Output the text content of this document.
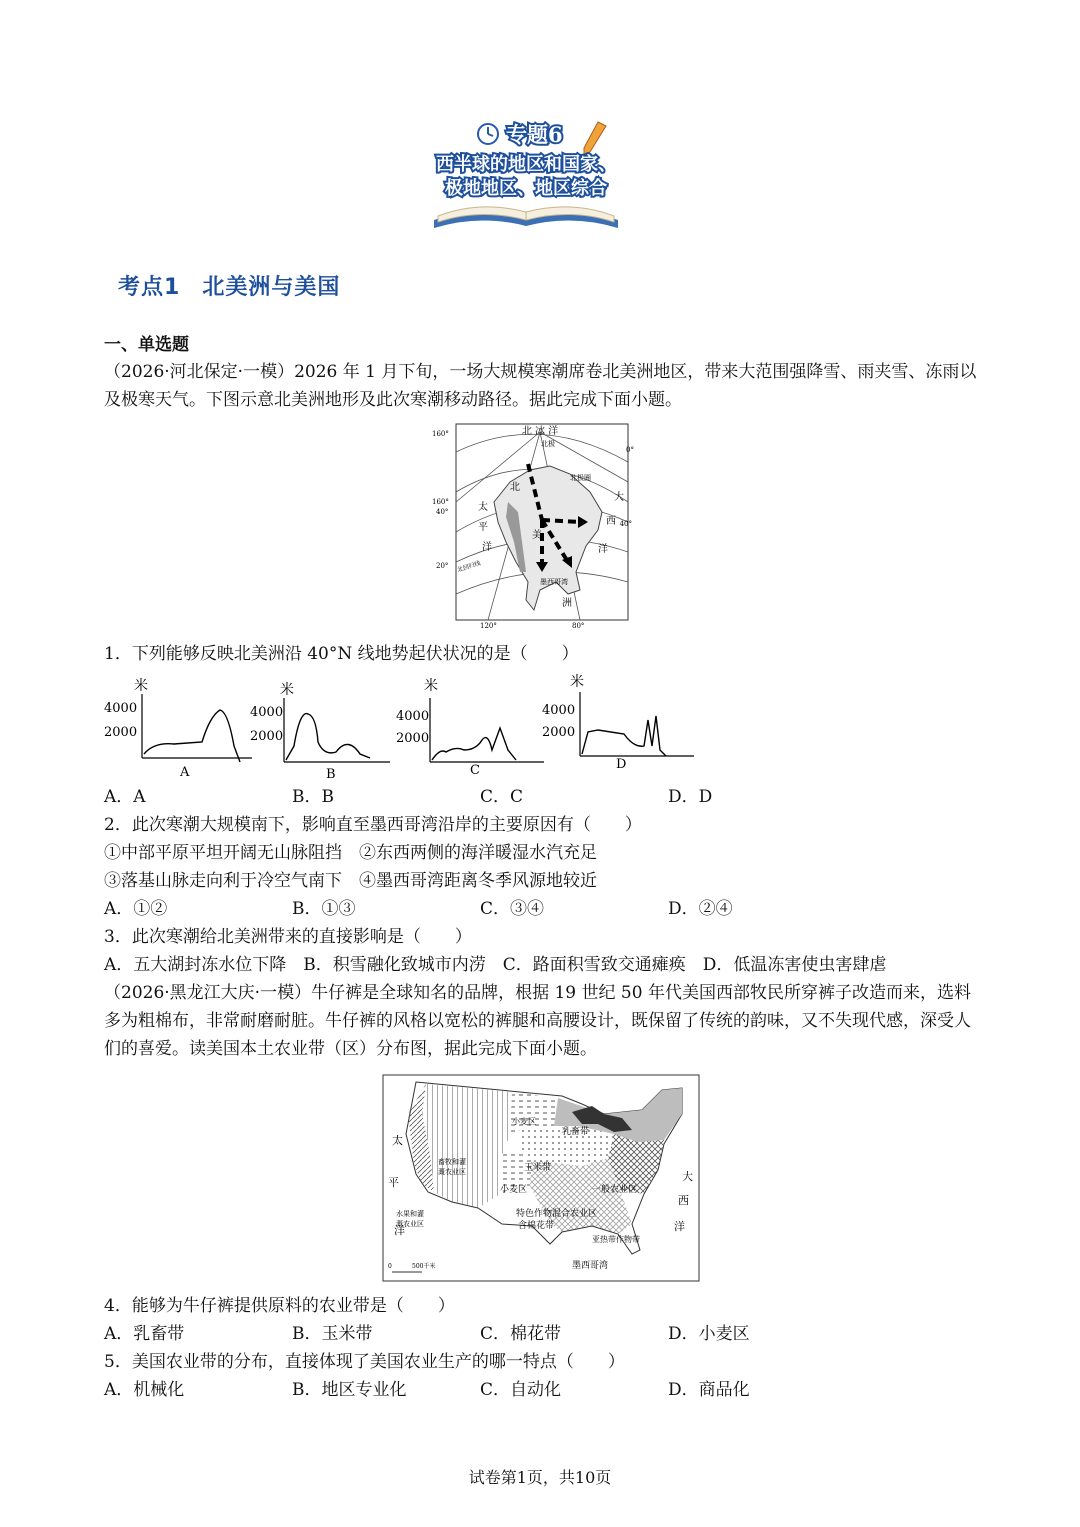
专题6
西半球的地区和国家、
极地地区、地区综合
考点1 北美洲与美国
一、单选题
（2026·河北保定·一模）2026 年 1 月下旬，一场大规模寒潮席卷北美洲地区，带来大范围强降雪、雨夹雪、冻雨以及极寒天气。下图示意北美洲地形及此次寒潮移动路径。据此完成下面小题。
北 冰 洋
北极
北极圈
太
平
洋
大
西
洋
北
美
洲
墨西哥湾
北回归线
160°
160°
40°
20°
40°
0°
120°	80°
1．下列能够反映北美洲沿 40°N 线地势起伏状况的是（　　）
米
4000
2000
A
米
4000
2000
B
米
4000
2000
C
米
4000
2000
D
A．A	B．B	C．C	D．D
2．此次寒潮大规模南下，影响直至墨西哥湾沿岸的主要原因有（　　）
①中部平原平坦开阔无山脉阻挡　②东西两侧的海洋暖湿水汽充足
③落基山脉走向利于冷空气南下　④墨西哥湾距离冬季风源地较近
A．①②	B．①③	C．③④	D．②④
3．此次寒潮给北美洲带来的直接影响是（　　）
A．五大湖封冻水位下降　B．积雪融化致城市内涝　C．路面积雪致交通瘫痪　D．低温冻害使虫害肆虐
（2026·黑龙江大庆·一模）牛仔裤是全球知名的品牌，根据 19 世纪 50 年代美国西部牧民所穿裤子改造而来，选料多为粗棉布，非常耐磨耐脏。牛仔裤的风格以宽松的裤腿和高腰设计，既保留了传统的韵味，又不失现代感，深受人们的喜爱。读美国本土农业带（区）分布图，据此完成下面小题。
太
平
洋
大
西
洋
畜牧和灌
溉农业区
水果和灌
溉农业区
小麦区
乳畜带
玉米带
小麦区	一般农业区
特色作物混合农业区
含棉花带
亚热带作物带
墨西哥湾
0	500千米
4．能够为牛仔裤提供原料的农业带是（　　）
A．乳畜带	B．玉米带	C．棉花带	D．小麦区
5．美国农业带的分布，直接体现了美国农业生产的哪一特点（　　）
A．机械化	B．地区专业化	C．自动化	D．商品化
试卷第1页，共10页
